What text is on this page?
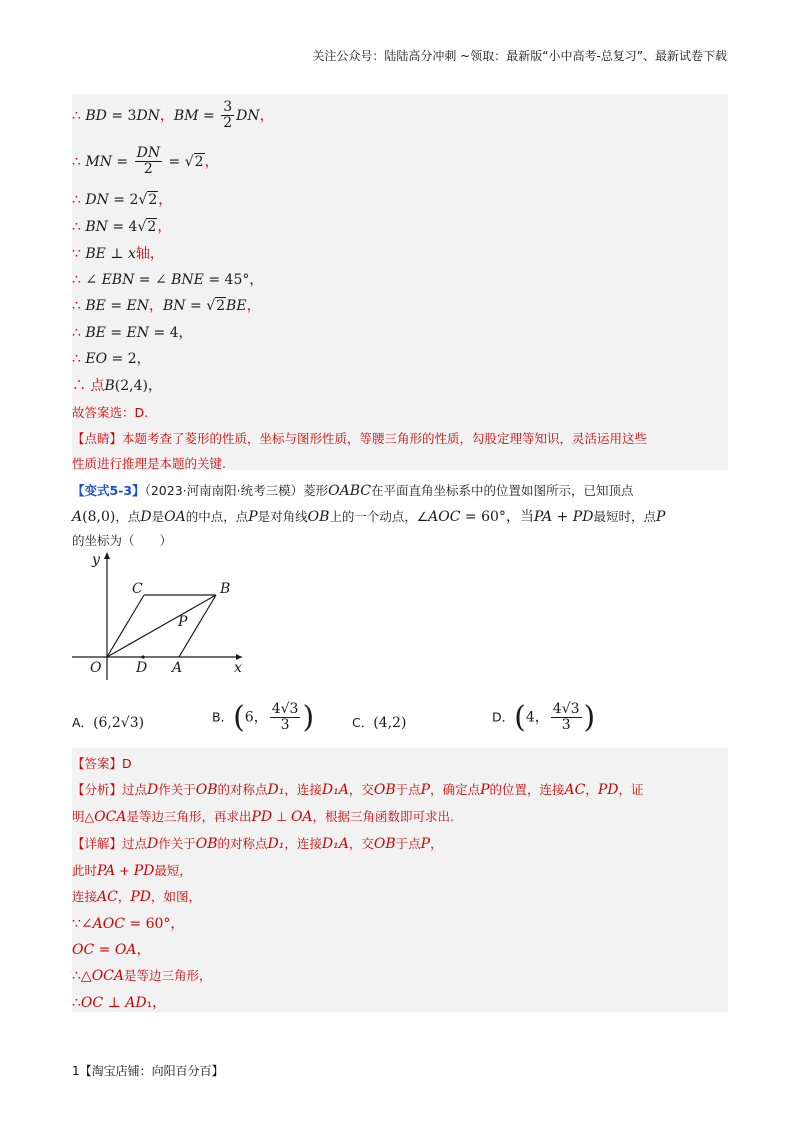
关注公众号：陆陆高分冲刺 ~领取：最新版“小中高考-总复习”、最新试卷下载
∴ BD = 3DN，BM = $\frac{3}{2}$ DN，
∴ MN = $\frac{DN}{2} = √2$，
∴ DN = 2√2，
∴ BN = 4√2，
∵ BE ⊥ x轴，
∴ ∠ EBN = ∠ BNE = 45°，
∴ BE = EN，BN = √2BE，
∴ BE = EN = 4，
∴ EO = 2，
∴ 点B(2,4)，
故答案选：D.
【点睛】本题考查了菱形的性质，坐标与图形性质，等腰三角形的性质，勾股定理等知识，灵活运用这些
性质进行推理是本题的关键.
【变式5-3】（2023·河南南阳·统考三模）菱形OABC在平面直角坐标系中的位置如图所示，已知顶点
A(8,0)，点D是OA的中点，点P是对角线OB上的一个动点，∠AOC = 60°，当PA + PD最短时，点P
的坐标为（　　）
y
x
C	B
P
O D A
A．(6,2√3)	B．(6， $\frac{4√3}{3}$ )	C．(4,2)	D．(4， $\frac{4√3}{3}$ )
【答案】D
【分析】过点D作关于OB的对称点D₁，连接D₁A，交OB于点P，确定点P的位置，连接AC，PD，证
明△OCA是等边三角形，再求出PD ⊥ OA，根据三角函数即可求出.
【详解】过点D作关于OB的对称点D₁，连接D₁A，交OB于点P，
此时PA + PD最短，
连接AC，PD，如图，
∵∠AOC = 60°，
OC = OA，
∴△OCA是等边三角形，
∴OC ⊥ AD₁，
1【淘宝店铺：向阳百分百】
